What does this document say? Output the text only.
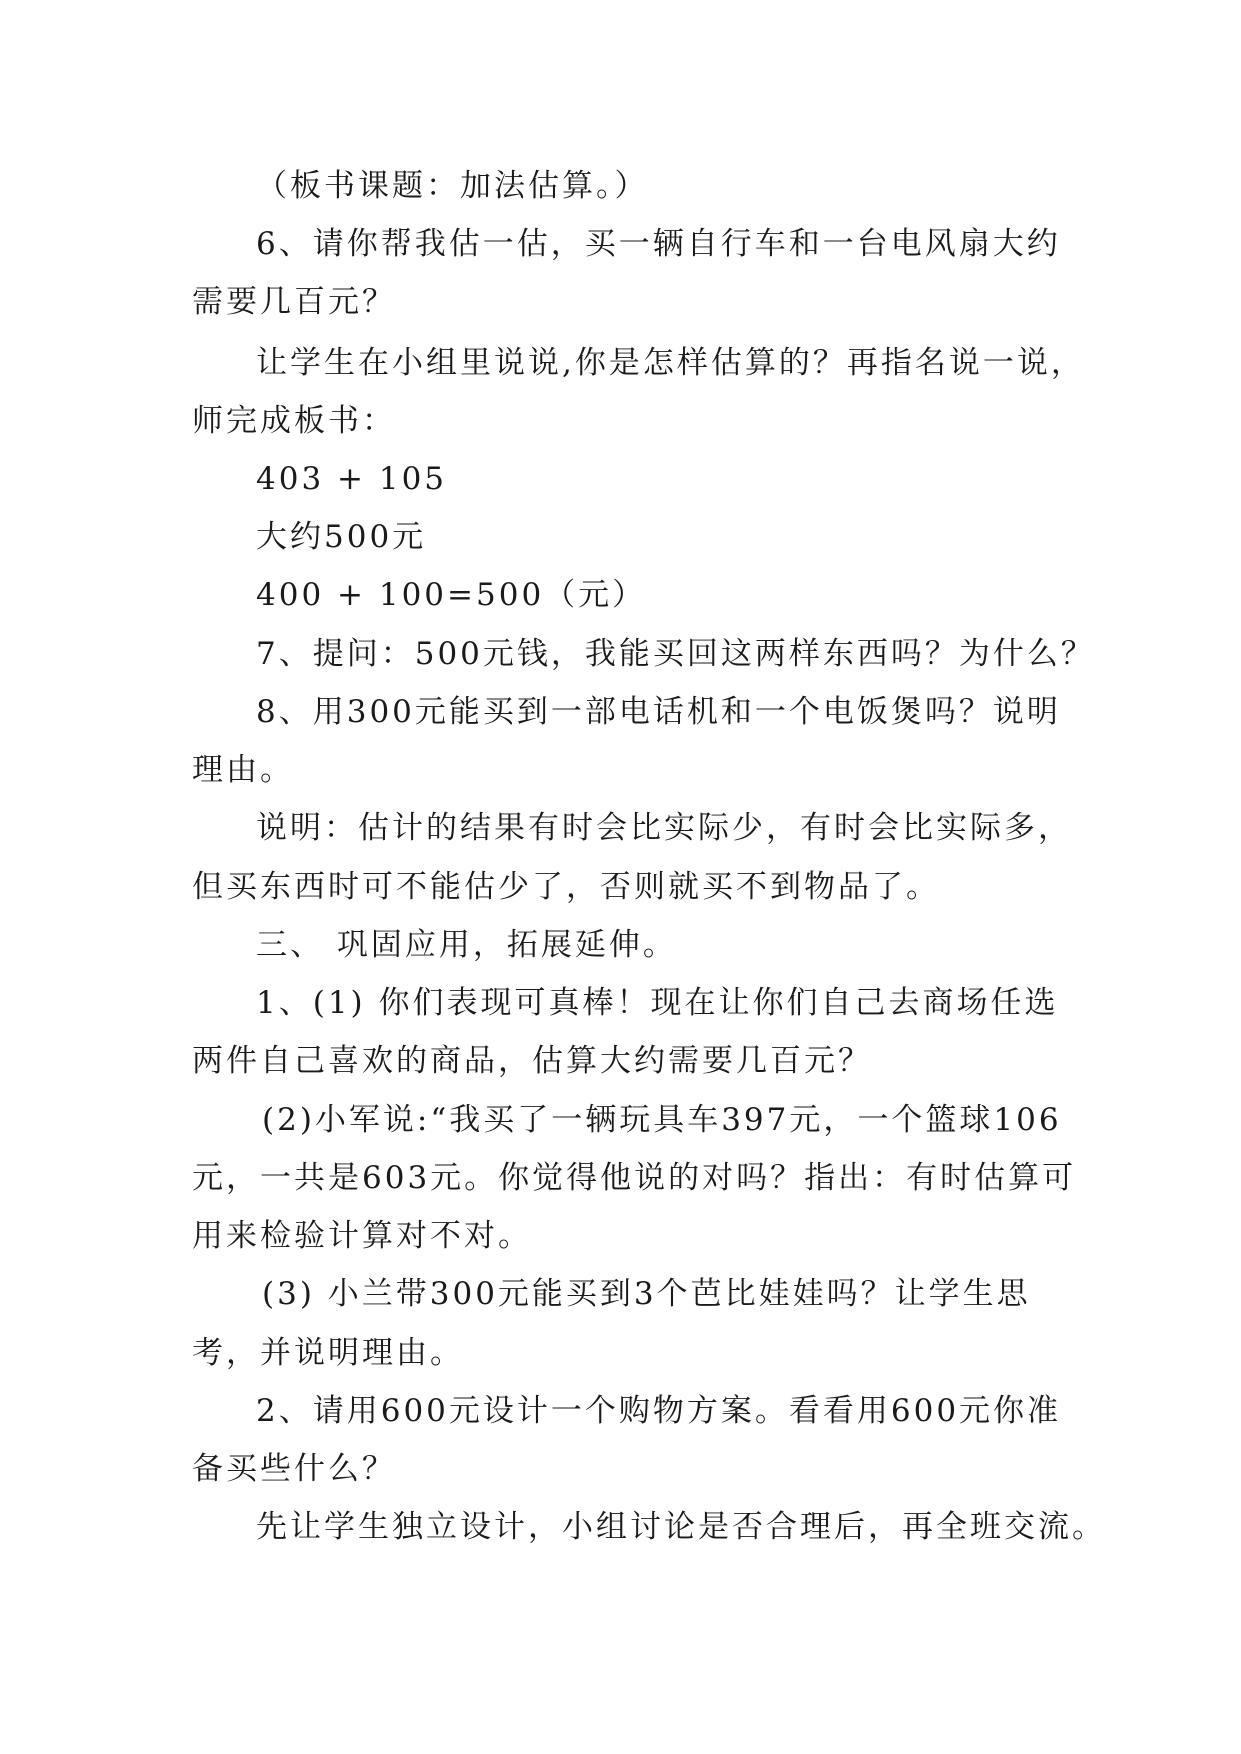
（板书课题：加法估算。）
6、请你帮我估一估，买一辆自行车和一台电风扇大约
需要几百元？
让学生在小组里说说,你是怎样估算的？再指名说一说，
师完成板书：
403 + 105
大约500元
400 + 100=500（元）
7、提问：500元钱，我能买回这两样东西吗？为什么？
8、用300元能买到一部电话机和一个电饭煲吗？说明
理由。
说明：估计的结果有时会比实际少，有时会比实际多，
但买东西时可不能估少了，否则就买不到物品了。
三、 巩固应用，拓展延伸。
1、(1) 你们表现可真棒！现在让你们自己去商场任选
两件自己喜欢的商品，估算大约需要几百元？
(2)小军说:“我买了一辆玩具车397元，一个篮球106
元，一共是603元。你觉得他说的对吗？指出：有时估算可
用来检验计算对不对。
(3) 小兰带300元能买到3个芭比娃娃吗？让学生思
考，并说明理由。
2、请用600元设计一个购物方案。看看用600元你准
备买些什么？
先让学生独立设计，小组讨论是否合理后，再全班交流。
